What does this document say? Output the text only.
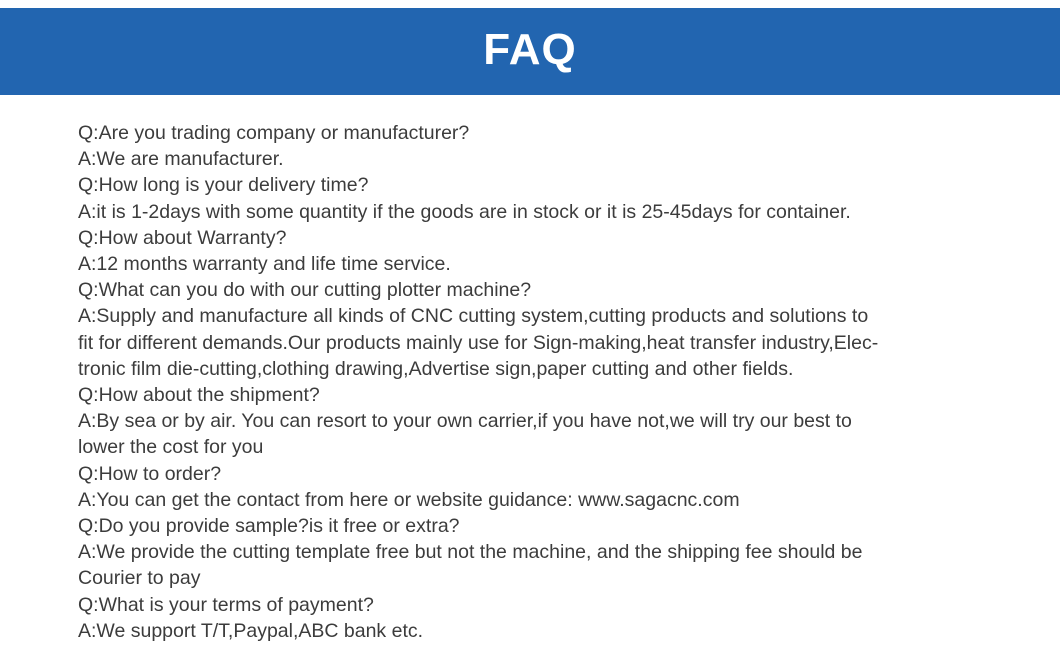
FAQ
Q:Are you trading company or manufacturer?
A:We are manufacturer.
Q:How long is your delivery time?
A:it is 1-2days with some quantity if the goods are in stock or it is 25-45days for container.
Q:How about Warranty?
A:12 months warranty and life time service.
Q:What can you do with our cutting plotter machine?
A:Supply and manufacture all kinds of CNC cutting system,cutting products and solutions to
fit for different demands.Our products mainly use for Sign-making,heat transfer industry,Elec-
tronic film die-cutting,clothing drawing,Advertise sign,paper cutting and other fields.
Q:How about the shipment?
A:By sea or by air. You can resort to your own carrier,if you have not,we will try our best to
lower the cost for you
Q:How to order?
A:You can get the contact from here or website guidance: www.sagacnc.com
Q:Do you provide sample?is it free or extra?
A:We provide the cutting template free but not the machine, and the shipping fee should be
Courier to pay
Q:What is your terms of payment?
A:We support T/T,Paypal,ABC bank etc.
